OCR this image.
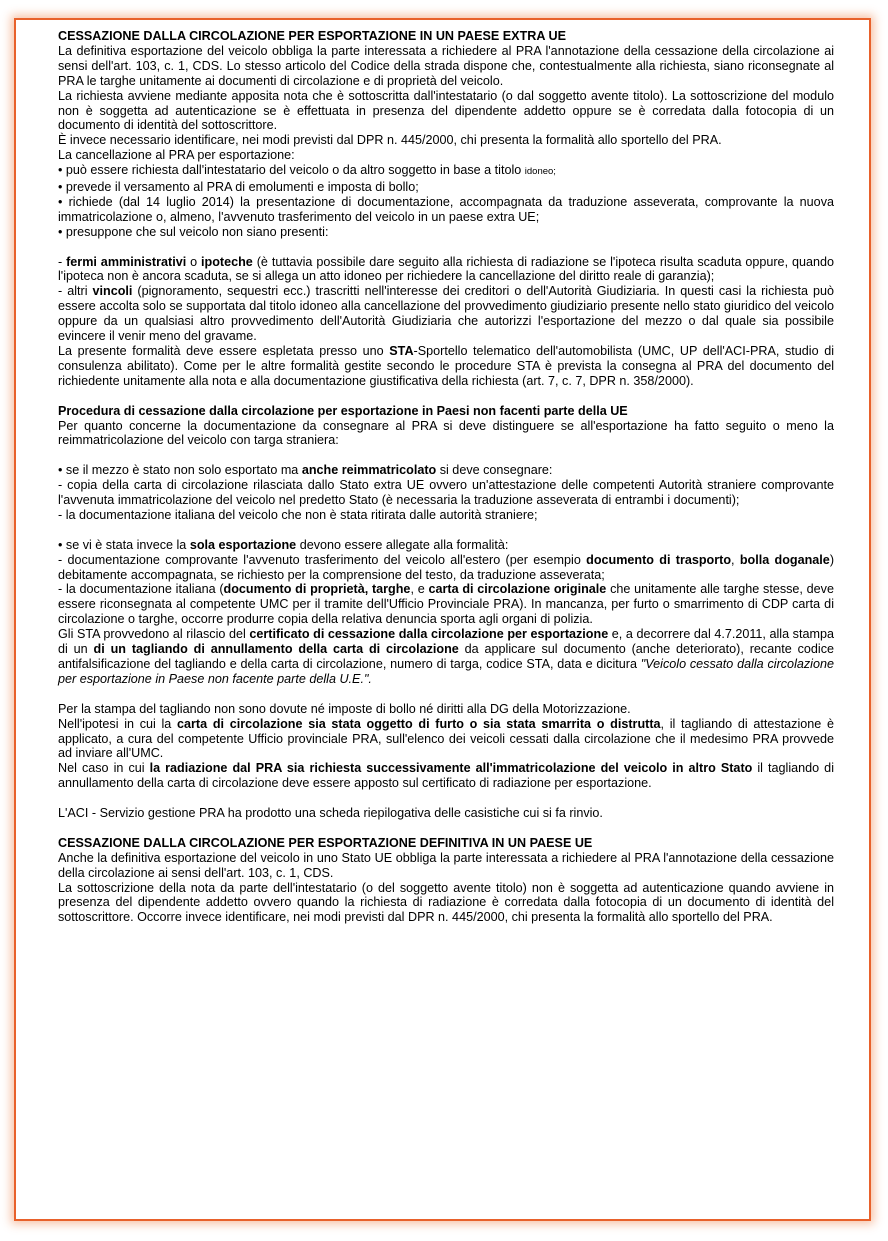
CESSAZIONE DALLA CIRCOLAZIONE PER ESPORTAZIONE IN UN PAESE EXTRA UE

La definitiva esportazione del veicolo obbliga la parte interessata a richiedere al PRA l'annotazione della cessazione della circolazione ai sensi dell'art. 103, c. 1, CDS. Lo stesso articolo del Codice della strada dispone che, contestualmente alla richiesta, siano riconsegnate al PRA le targhe unitamente ai documenti di circolazione e di proprietà del veicolo.

La richiesta avviene mediante apposita nota che è sottoscritta dall'intestatario (o dal soggetto avente titolo). La sottoscrizione del modulo non è soggetta ad autenticazione se è effettuata in presenza del dipendente addetto oppure se è corredata dalla fotocopia di un documento di identità del sottoscrittore.

È invece necessario identificare, nei modi previsti dal DPR n. 445/2000, chi presenta la formalità allo sportello del PRA.

La cancellazione al PRA per esportazione:

• può essere richiesta dall'intestatario del veicolo o da altro soggetto in base a titolo idoneo;

• prevede il versamento al PRA di emolumenti e imposta di bollo;

• richiede (dal 14 luglio 2014) la presentazione di documentazione, accompagnata da traduzione asseverata, comprovante la nuova immatricolazione o, almeno, l'avvenuto trasferimento del veicolo in un paese extra UE;

• presuppone che sul veicolo non siano presenti:

- fermi amministrativi o ipoteche (è tuttavia possibile dare seguito alla richiesta di radiazione se l'ipoteca risulta scaduta oppure, quando l'ipoteca non è ancora scaduta, se si allega un atto idoneo per richiedere la cancellazione del diritto reale di garanzia);

- altri vincoli (pignoramento, sequestri ecc.) trascritti nell'interesse dei creditori o dell'Autorità Giudiziaria. In questi casi la richiesta può essere accolta solo se supportata dal titolo idoneo alla cancellazione del provvedimento giudiziario presente nello stato giuridico del veicolo oppure da un qualsiasi altro provvedimento dell'Autorità Giudiziaria che autorizzi l'esportazione del mezzo o dal quale sia possibile evincere il venir meno del gravame.

La presente formalità deve essere espletata presso uno STA-Sportello telematico dell'automobilista (UMC, UP dell'ACI-PRA, studio di consulenza abilitato). Come per le altre formalità gestite secondo le procedure STA è prevista la consegna al PRA del documento del richiedente unitamente alla nota e alla documentazione giustificativa della richiesta (art. 7, c. 7, DPR n. 358/2000).

Procedura di cessazione dalla circolazione per esportazione in Paesi non facenti parte della UE

Per quanto concerne la documentazione da consegnare al PRA si deve distinguere se all'esportazione ha fatto seguito o meno la reimmatricolazione del veicolo con targa straniera:

• se il mezzo è stato non solo esportato ma anche reimmatricolato si deve consegnare:

- copia della carta di circolazione rilasciata dallo Stato extra UE ovvero un'attestazione delle competenti Autorità straniere comprovante l'avvenuta immatricolazione del veicolo nel predetto Stato (è necessaria la traduzione asseverata di entrambi i documenti);

- la documentazione italiana del veicolo che non è stata ritirata dalle autorità straniere;

• se vi è stata invece la sola esportazione devono essere allegate alla formalità:

- documentazione comprovante l'avvenuto trasferimento del veicolo all'estero (per esempio documento di trasporto, bolla doganale) debitamente accompagnata, se richiesto per la comprensione del testo, da traduzione asseverata;

- la documentazione italiana (documento di proprietà, targhe, e carta di circolazione originale che unitamente alle targhe stesse, deve essere riconsegnata al competente UMC per il tramite dell'Ufficio Provinciale PRA). In mancanza, per furto o smarrimento di CDP carta di circolazione o targhe, occorre produrre copia della relativa denuncia sporta agli organi di polizia.

Gli STA provvedono al rilascio del certificato di cessazione dalla circolazione per esportazione e, a decorrere dal 4.7.2011, alla stampa di un di un tagliando di annullamento della carta di circolazione da applicare sul documento (anche deteriorato), recante codice antifalsificazione del tagliando e della carta di circolazione, numero di targa, codice STA, data e dicitura "Veicolo cessato dalla circolazione per esportazione in Paese non facente parte della U.E.".

Per la stampa del tagliando non sono dovute né imposte di bollo né diritti alla DG della Motorizzazione.

Nell'ipotesi in cui la carta di circolazione sia stata oggetto di furto o sia stata smarrita o distrutta, il tagliando di attestazione è applicato, a cura del competente Ufficio provinciale PRA, sull'elenco dei veicoli cessati dalla circolazione che il medesimo PRA provvede ad inviare all'UMC.

Nel caso in cui la radiazione dal PRA sia richiesta successivamente all'immatricolazione del veicolo in altro Stato il tagliando di annullamento della carta di circolazione deve essere apposto sul certificato di radiazione per esportazione.

L'ACI - Servizio gestione PRA ha prodotto una scheda riepilogativa delle casistiche cui si fa rinvio.

CESSAZIONE DALLA CIRCOLAZIONE PER ESPORTAZIONE DEFINITIVA IN UN PAESE UE

Anche la definitiva esportazione del veicolo in uno Stato UE obbliga la parte interessata a richiedere al PRA l'annotazione della cessazione della circolazione ai sensi dell'art. 103, c. 1, CDS.

La sottoscrizione della nota da parte dell'intestatario (o del soggetto avente titolo) non è soggetta ad autenticazione quando avviene in presenza del dipendente addetto ovvero quando la richiesta di radiazione è corredata dalla fotocopia di un documento di identità del sottoscrittore. Occorre invece identificare, nei modi previsti dal DPR n. 445/2000, chi presenta la formalità allo sportello del PRA.
